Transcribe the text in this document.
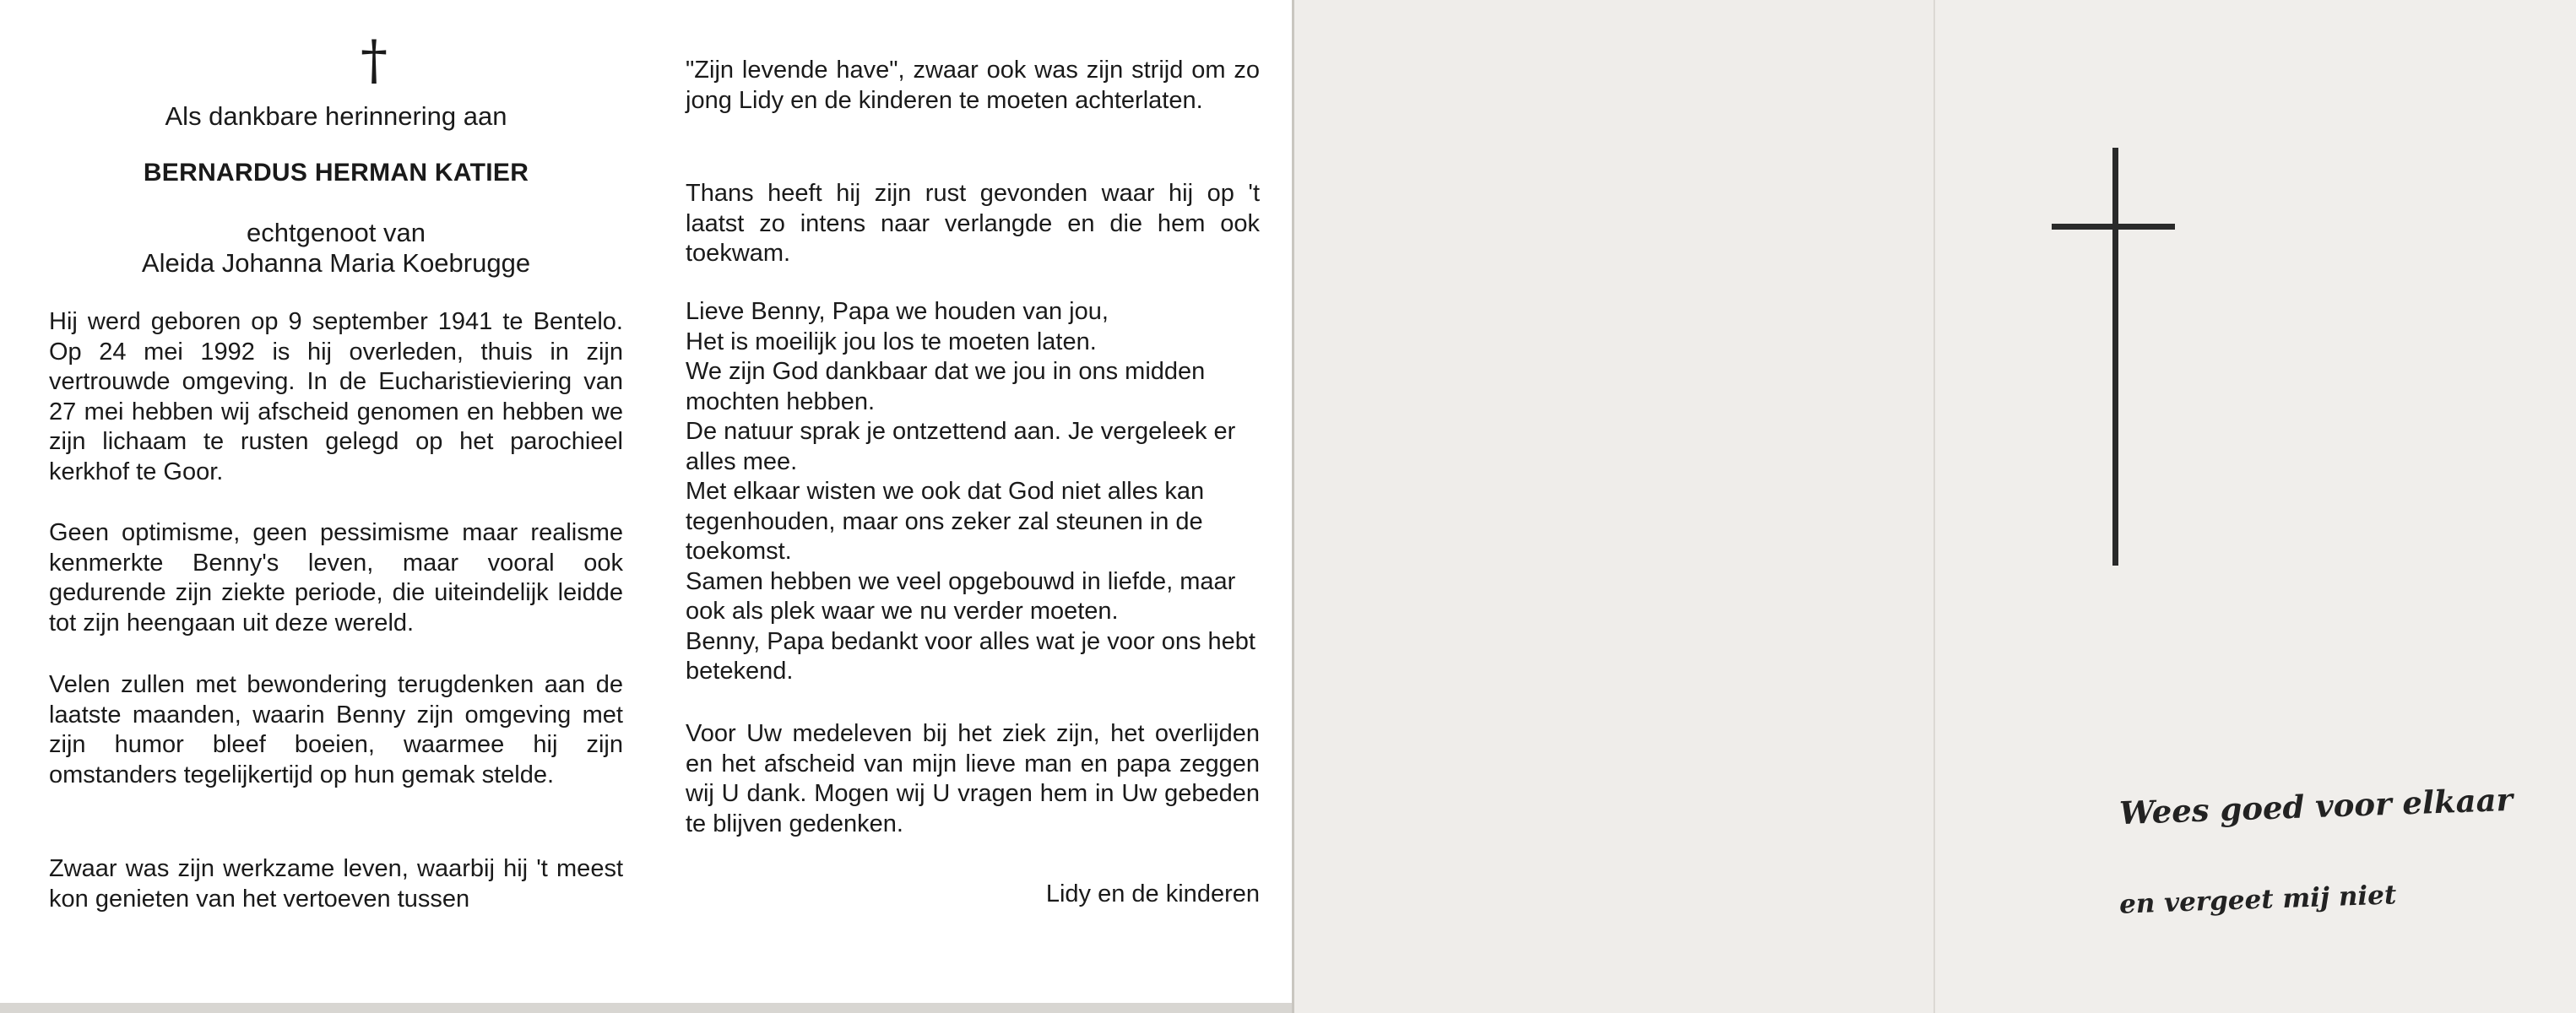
†
Als dankbare herinnering aan
BERNARDUS HERMAN KATIER
echtgenoot van
Aleida Johanna Maria Koebrugge

Hij werd geboren op 9 september 1941 te Bentelo. Op 24 mei 1992 is hij overleden, thuis in zijn vertrouwde omgeving. In de Eucharistieviering van 27 mei hebben wij afscheid genomen en hebben we zijn lichaam te rusten gelegd op het parochieel kerkhof te Goor.

Geen optimisme, geen pessimisme maar realisme kenmerkte Benny's leven, maar vooral ook gedurende zijn ziekte periode, die uiteindelijk leidde tot zijn heengaan uit deze wereld.

Velen zullen met bewondering terugdenken aan de laatste maanden, waarin Benny zijn omgeving met zijn humor bleef boeien, waarmee hij zijn omstanders tegelijkertijd op hun gemak stelde.

Zwaar was zijn werkzame leven, waarbij hij 't meest kon genieten van het vertoeven tussen

"Zijn levende have", zwaar ook was zijn strijd om zo jong Lidy en de kinderen te moeten achterlaten.

Thans heeft hij zijn rust gevonden waar hij op 't laatst zo intens naar verlangde en die hem ook toekwam.

Lieve Benny, Papa we houden van jou,
Het is moeilijk jou los te moeten laten.
We zijn God dankbaar dat we jou in ons midden mochten hebben.
De natuur sprak je ontzettend aan. Je vergeleek er alles mee.
Met elkaar wisten we ook dat God niet alles kan tegenhouden, maar ons zeker zal steunen in de toekomst.
Samen hebben we veel opgebouwd in liefde, maar ook als plek waar we nu verder moeten.
Benny, Papa bedankt voor alles wat je voor ons hebt betekend.

Voor Uw medeleven bij het ziek zijn, het overlijden en het afscheid van mijn lieve man en papa zeggen wij U dank. Mogen wij U vragen hem in Uw gebeden te blijven gedenken.

Lidy en de kinderen
Wees goed voor elkaar
en vergeet mij niet
